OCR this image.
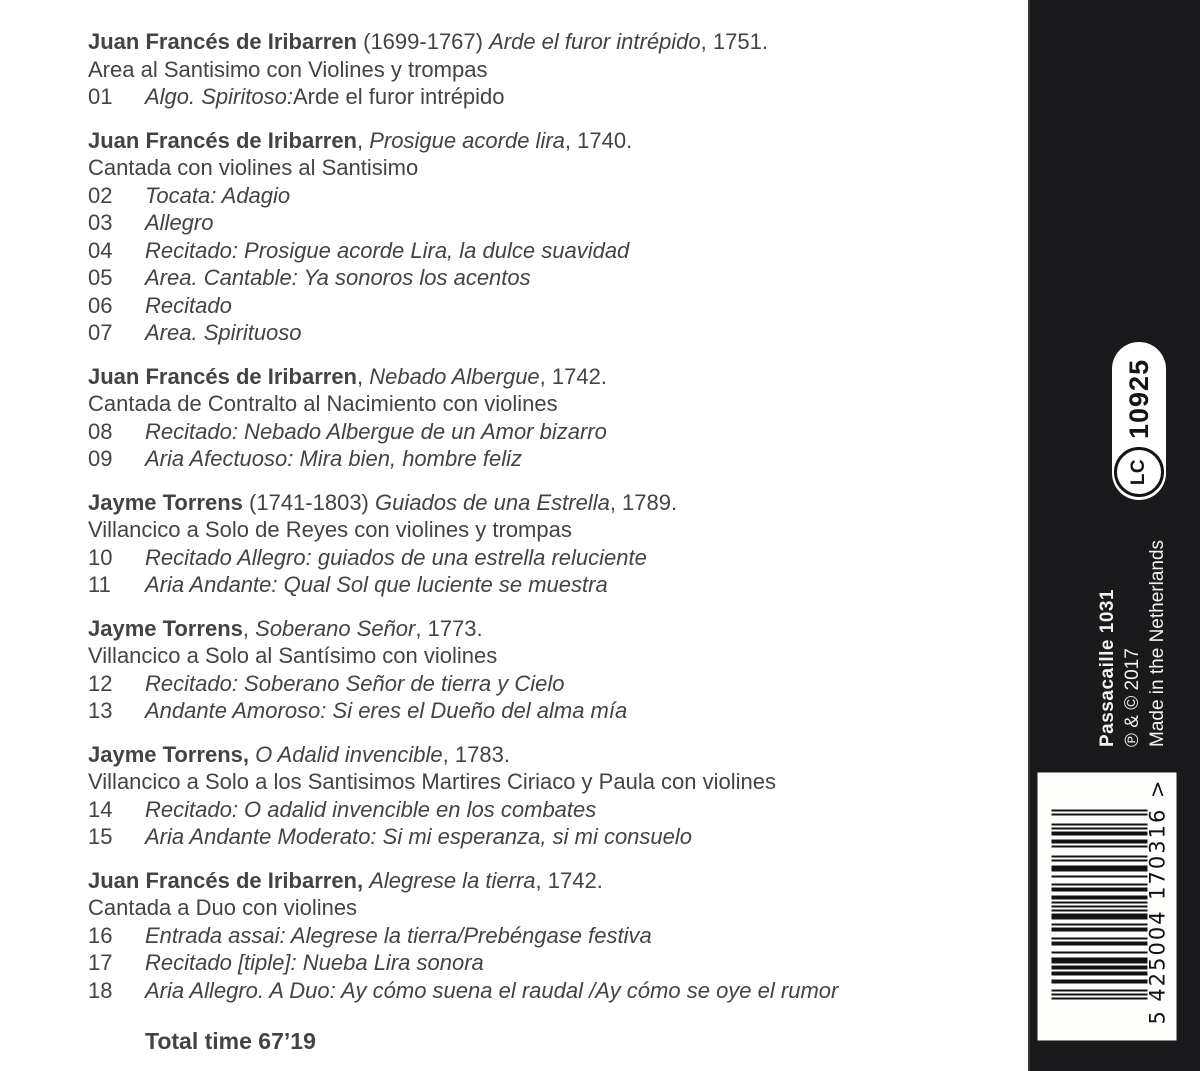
Juan Francés de Iribarren (1699-1767) Arde el furor intrépido, 1751.
Area al Santisimo con Violines y trompas
01	Algo. Spiritoso:Arde el furor intrépido
Juan Francés de Iribarren, Prosigue acorde lira, 1740.
Cantada con violines al Santisimo
02	Tocata: Adagio
03	Allegro
04	Recitado: Prosigue acorde Lira, la dulce suavidad
05	Area. Cantable: Ya sonoros los acentos
06	Recitado
07	Area. Spirituoso
Juan Francés de Iribarren, Nebado Albergue, 1742.
Cantada de Contralto al Nacimiento con violines
08	Recitado: Nebado Albergue de un Amor bizarro
09	Aria Afectuoso: Mira bien, hombre feliz
Jayme Torrens (1741-1803) Guiados de una Estrella, 1789.
Villancico a Solo de Reyes con violines y trompas
10	Recitado Allegro: guiados de una estrella reluciente
11	Aria Andante: Qual Sol que luciente se muestra
Jayme Torrens, Soberano Señor, 1773.
Villancico a Solo al Santísimo con violines
12	Recitado: Soberano Señor de tierra y Cielo
13	Andante Amoroso: Si eres el Dueño del alma mía
Jayme Torrens, O Adalid invencible, 1783.
Villancico a Solo a los Santisimos Martires Ciriaco y Paula con violines
14	Recitado: O adalid invencible en los combates
15	Aria Andante Moderato: Si mi esperanza, si mi consuelo
Juan Francés de Iribarren, Alegrese la tierra, 1742.
Cantada a Duo con violines
16	Entrada assai: Alegrese la tierra/Prebéngase festiva
17	Recitado [tiple]: Nueba Lira sonora
18	Aria Allegro. A Duo: Ay cómo suena el raudal /Ay cómo se oye el rumor
Total time 67’19
LC
10925
Passacaille 1031 ℗ & © 2017 Made in the Netherlands
5
425004
170316
>
